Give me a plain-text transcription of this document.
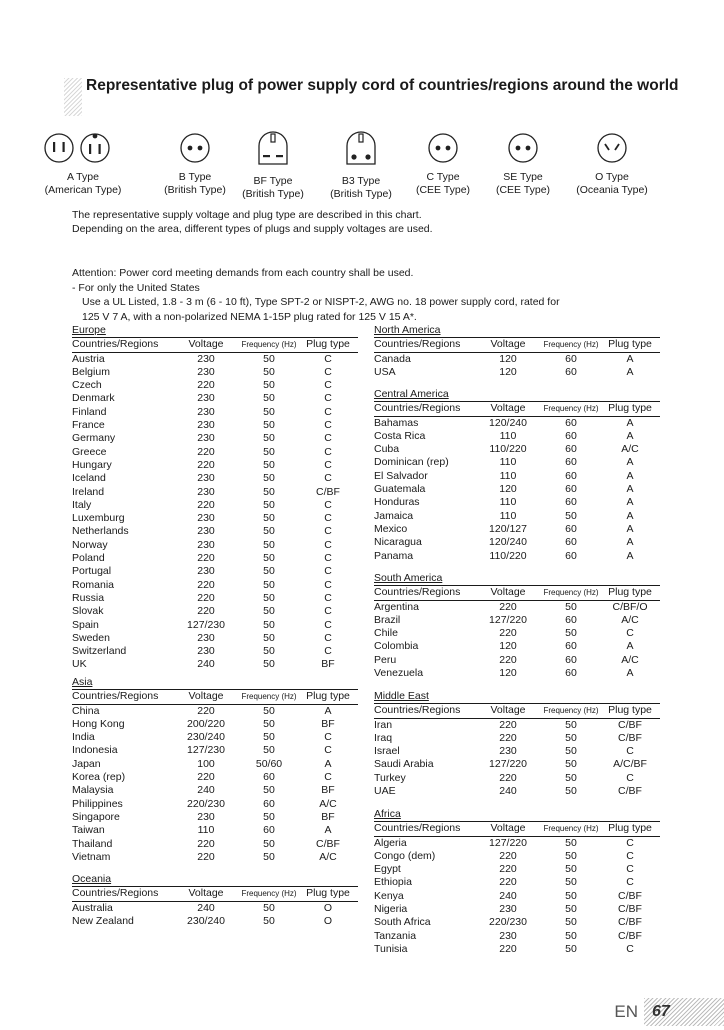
Representative plug of power supply cord of countries/regions around the world
A Type
(American Type)
B Type
(British Type)
BF Type
(British Type)
B3 Type
(British Type)
C Type
(CEE Type)
SE Type
(CEE Type)
O Type
(Oceania Type)

The representative supply voltage and plug type are described in this chart.

Depending on the area, different types of plugs and supply voltages are used.

Attention: Power cord meeting demands from each country shall be used.
- For only the United States
Use a UL Listed, 1.8 - 3 m (6 - 10 ft), Type SPT-2 or NISPT-2, AWG no. 18 power supply cord, rated for
125 V 7 A, with a non-polarized NEMA 1-15P plug rated for 125 V 15 A*.
Europe
Countries/Regions	Voltage	Frequency (Hz)	Plug type
Austria	230	50	C
Belgium	230	50	C
Czech	220	50	C
Denmark	230	50	C
Finland	230	50	C
France	230	50	C
Germany	230	50	C
Greece	220	50	C
Hungary	220	50	C
Iceland	230	50	C
Ireland	230	50	C/BF
Italy	220	50	C
Luxemburg	230	50	C
Netherlands	230	50	C
Norway	230	50	C
Poland	220	50	C
Portugal	230	50	C
Romania	220	50	C
Russia	220	50	C
Slovak	220	50	C
Spain	127/230	50	C
Sweden	230	50	C
Switzerland	230	50	C
UK	240	50	BF
Asia
Countries/Regions	Voltage	Frequency (Hz)	Plug type
China	220	50	A
Hong Kong	200/220	50	BF
India	230/240	50	C
Indonesia	127/230	50	C
Japan	100	50/60	A
Korea (rep)	220	60	C
Malaysia	240	50	BF
Philippines	220/230	60	A/C
Singapore	230	50	BF
Taiwan	110	60	A
Thailand	220	50	C/BF
Vietnam	220	50	A/C
Oceania
Countries/Regions	Voltage	Frequency (Hz)	Plug type
Australia	240	50	O
New Zealand	230/240	50	O
North America
Countries/Regions	Voltage	Frequency (Hz)	Plug type
Canada	120	60	A
USA	120	60	A
Central America
Countries/Regions	Voltage	Frequency (Hz)	Plug type
Bahamas	120/240	60	A
Costa Rica	110	60	A
Cuba	110/220	60	A/C
Dominican (rep)	110	60	A
El Salvador	110	60	A
Guatemala	120	60	A
Honduras	110	60	A
Jamaica	110	50	A
Mexico	120/127	60	A
Nicaragua	120/240	60	A
Panama	110/220	60	A
South America
Countries/Regions	Voltage	Frequency (Hz)	Plug type
Argentina	220	50	C/BF/O
Brazil	127/220	60	A/C
Chile	220	50	C
Colombia	120	60	A
Peru	220	60	A/C
Venezuela	120	60	A
Middle East
Countries/Regions	Voltage	Frequency (Hz)	Plug type
Iran	220	50	C/BF
Iraq	220	50	C/BF
Israel	230	50	C
Saudi Arabia	127/220	50	A/C/BF
Turkey	220	50	C
UAE	240	50	C/BF
Africa
Countries/Regions	Voltage	Frequency (Hz)	Plug type
Algeria	127/220	50	C
Congo (dem)	220	50	C
Egypt	220	50	C
Ethiopia	220	50	C
Kenya	240	50	C/BF
Nigeria	230	50	C/BF
South Africa	220/230	50	C/BF
Tanzania	230	50	C/BF
Tunisia	220	50	C
EN 67
